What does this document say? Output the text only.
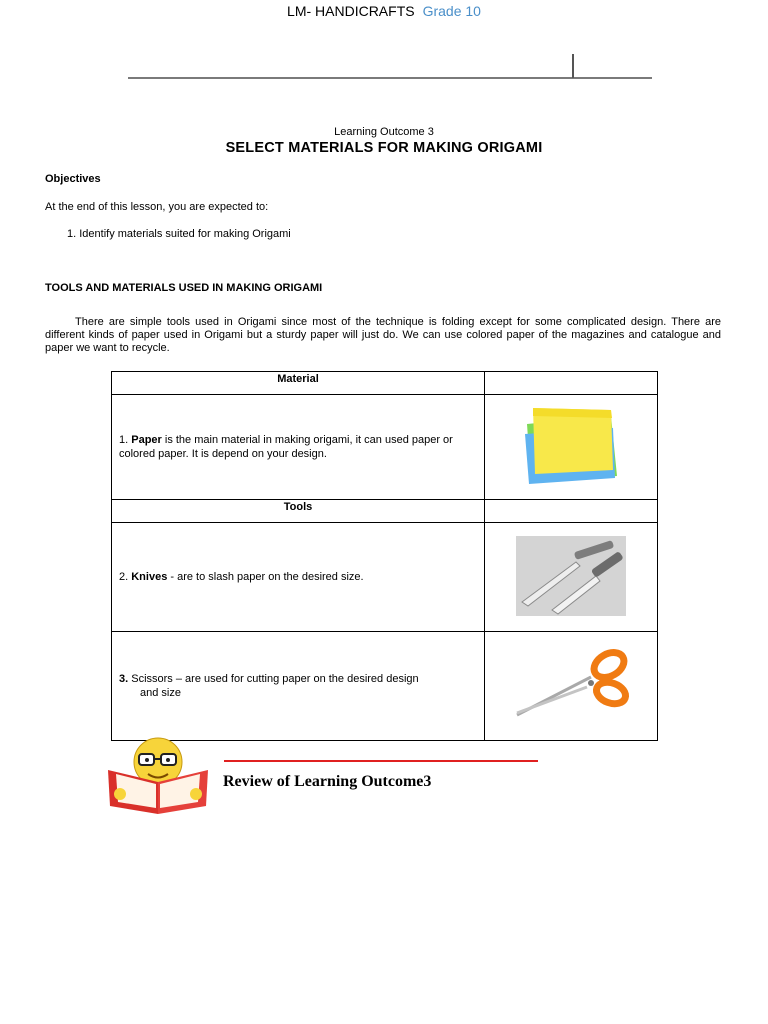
LM- HANDICRAFTS Grade 10
Learning Outcome 3
SELECT MATERIALS FOR MAKING ORIGAMI
Objectives
At the end of this lesson, you are expected to:
1. Identify materials suited for making Origami
TOOLS AND MATERIALS USED IN MAKING ORIGAMI
There are simple tools used in Origami since most of the technique is folding except for some complicated design. There are different kinds of paper used in Origami but a sturdy paper will just do. We can use colored paper of the magazines and catalogue and paper we want to recycle.
Material	
1. Paper is the main material in making origami, it can used paper or colored paper. It is depend on your design.	
Tools	
2. Knives - are to slash paper on the desired size.	
3. Scissors – are used for cutting paper on the desired design
and size	
Review of Learning Outcome3
